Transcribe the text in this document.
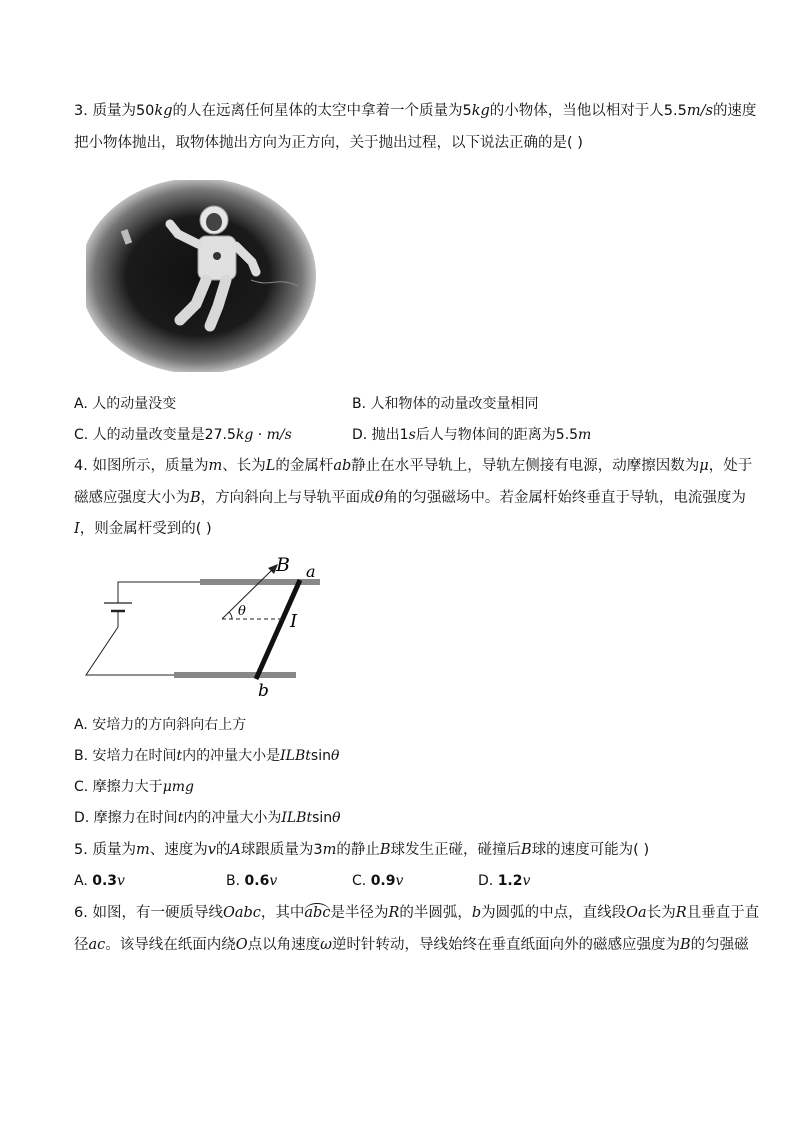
3. 质量为50kg的人在远离任何星体的太空中拿着一个质量为5kg的小物体，当他以相对于人5.5m/s的速度
把小物体抛出，取物体抛出方向为正方向，关于抛出过程，以下说法正确的是( )
A. 人的动量没变	B. 人和物体的动量改变量相同
C. 人的动量改变量是27.5kg · m/s	D. 抛出1s后人与物体间的距离为5.5m
4. 如图所示，质量为m、长为L的金属杆ab静止在水平导轨上，导轨左侧接有电源，动摩擦因数为μ，处于
磁感应强度大小为B，方向斜向上与导轨平面成θ角的匀强磁场中。若金属杆始终垂直于导轨，电流强度为
I，则金属杆受到的( )
B a
θ I
b
A. 安培力的方向斜向右上方
B. 安培力在时间t内的冲量大小是ILBtsinθ
C. 摩擦力大于μmg
D. 摩擦力在时间t内的冲量大小为ILBtsinθ
5. 质量为m、速度为v的A球跟质量为3m的静止B球发生正碰，碰撞后B球的速度可能为( )
A. 0.3v	B. 0.6v	C. 0.9v	D. 1.2v
6. 如图，有一硬质导线Oabc，其中abc是半径为R的半圆弧，b为圆弧的中点，直线段Oa长为R且垂直于直
径ac。该导线在纸面内绕O点以角速度ω逆时针转动，导线始终在垂直纸面向外的磁感应强度为B的匀强磁
